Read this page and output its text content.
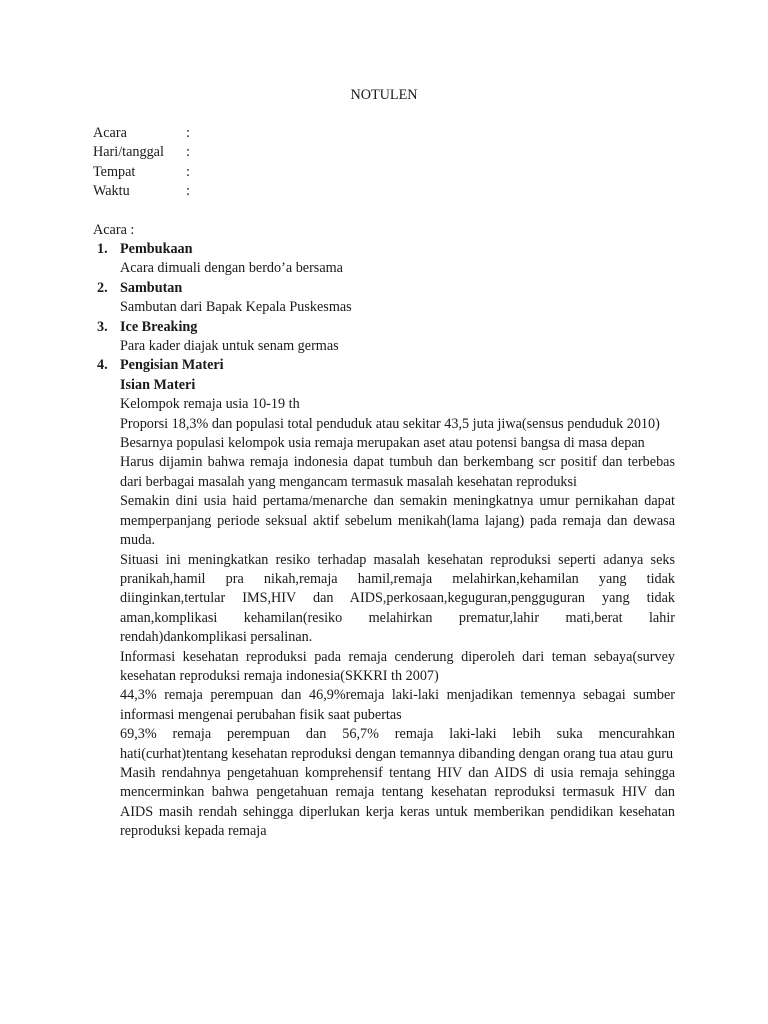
NOTULEN
Acara	:
Hari/tanggal	:
Tempat	:
Waktu	:
Acara :
1. Pembukaan
Acara dimuali dengan berdo’a bersama
2. Sambutan
Sambutan dari Bapak Kepala Puskesmas
3. Ice Breaking
Para kader diajak untuk senam germas
4. Pengisian Materi
Isian Materi
Kelompok remaja usia 10-19 th
Proporsi 18,3% dan populasi total penduduk atau sekitar 43,5 juta jiwa(sensus penduduk 2010)
Besarnya populasi kelompok usia remaja merupakan aset atau potensi bangsa di masa depan
Harus dijamin bahwa remaja indonesia dapat tumbuh dan berkembang scr positif dan terbebas dari berbagai masalah yang mengancam termasuk masalah kesehatan reproduksi
Semakin dini usia haid pertama/menarche dan semakin meningkatnya umur pernikahan dapat memperpanjang periode seksual aktif sebelum menikah(lama lajang) pada remaja dan dewasa muda.
Situasi ini meningkatkan resiko terhadap masalah kesehatan reproduksi seperti adanya seks pranikah,hamil pra nikah,remaja hamil,remaja melahirkan,kehamilan yang tidak diinginkan,tertular IMS,HIV dan AIDS,perkosaan,keguguran,pengguguran yang tidak aman,komplikasi kehamilan(resiko melahirkan prematur,lahir mati,berat lahir rendah)dankomplikasi persalinan.
Informasi kesehatan reproduksi pada remaja cenderung diperoleh dari teman sebaya(survey kesehatan reproduksi remaja indonesia(SKKRI th 2007)
44,3% remaja perempuan dan 46,9%remaja laki-laki menjadikan temennya sebagai sumber informasi mengenai perubahan fisik saat pubertas
69,3% remaja perempuan dan 56,7% remaja laki-laki lebih suka mencurahkan hati(curhat)tentang kesehatan reproduksi dengan temannya dibanding dengan orang tua atau guru
Masih rendahnya pengetahuan komprehensif tentang HIV dan AIDS di usia remaja sehingga mencerminkan bahwa pengetahuan remaja tentang kesehatan reproduksi termasuk HIV dan AIDS masih rendah sehingga diperlukan kerja keras untuk memberikan pendidikan kesehatan reproduksi kepada remaja
